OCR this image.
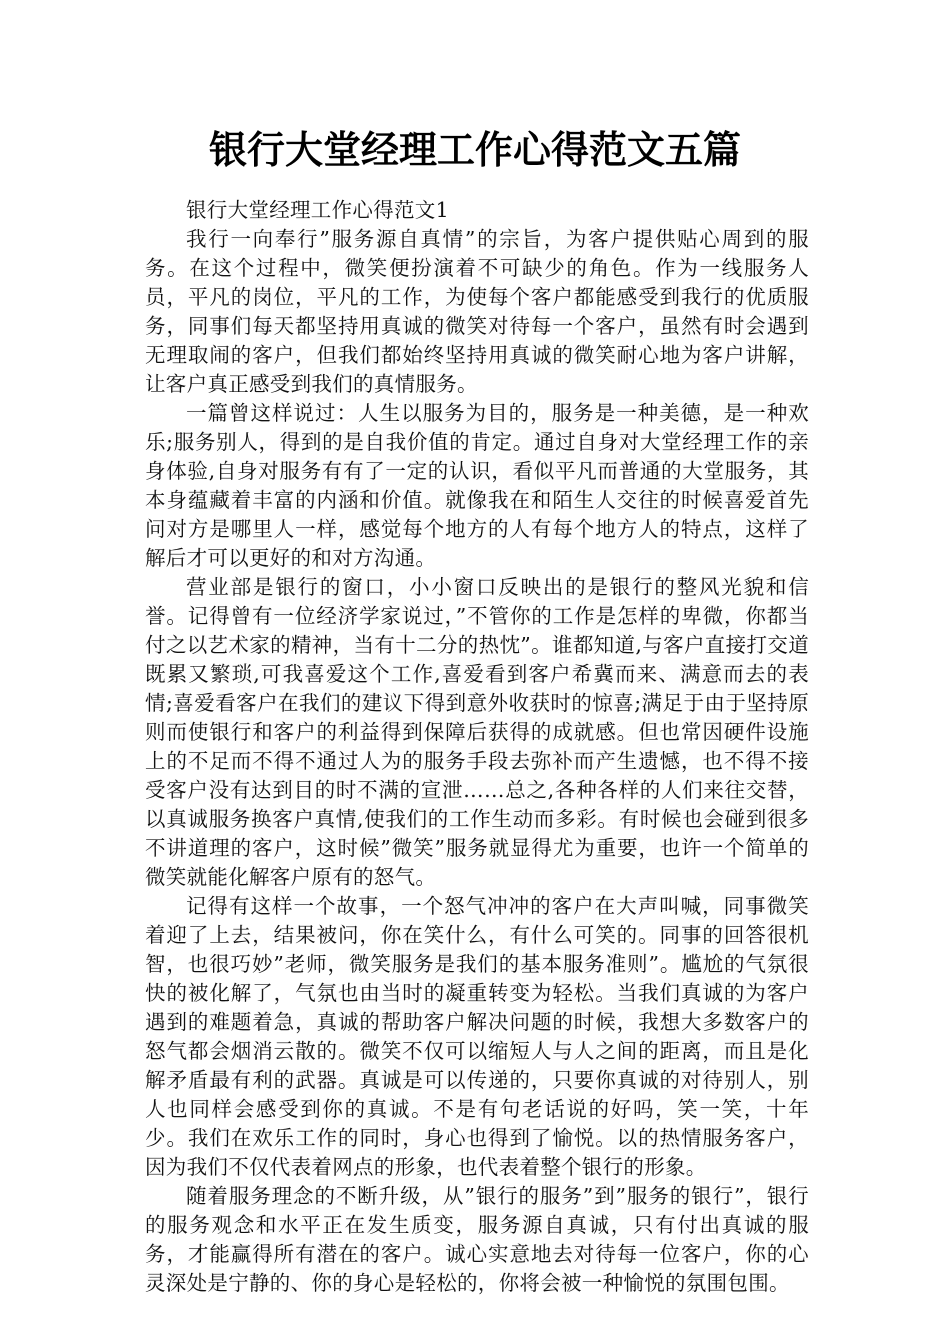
银行大堂经理工作心得范文五篇

银行大堂经理工作心得范文1

我行一向奉行”服务源自真情”的宗旨，为客户提供贴心周到的服务。在这个过程中，微笑便扮演着不可缺少的角色。作为一线服务人员，平凡的岗位，平凡的工作，为使每个客户都能感受到我行的优质服务，同事们每天都坚持用真诚的微笑对待每一个客户，虽然有时会遇到无理取闹的客户，但我们都始终坚持用真诚的微笑耐心地为客户讲解，让客户真正感受到我们的真情服务。

一篇曾这样说过：人生以服务为目的，服务是一种美德，是一种欢乐;服务别人，得到的是自我价值的肯定。通过自身对大堂经理工作的亲身体验,自身对服务有有了一定的认识，看似平凡而普通的大堂服务，其本身蕴藏着丰富的内涵和价值。就像我在和陌生人交往的时候喜爱首先问对方是哪里人一样，感觉每个地方的人有每个地方人的特点，这样了解后才可以更好的和对方沟通。

营业部是银行的窗口，小小窗口反映出的是银行的整风光貌和信誉。记得曾有一位经济学家说过，”不管你的工作是怎样的卑微，你都当付之以艺术家的精神，当有十二分的热忱”。谁都知道,与客户直接打交道既累又繁琐,可我喜爱这个工作,喜爱看到客户希冀而来、满意而去的表情;喜爱看客户在我们的建议下得到意外收获时的惊喜;满足于由于坚持原则而使银行和客户的利益得到保障后获得的成就感。但也常因硬件设施上的不足而不得不通过人为的服务手段去弥补而产生遗憾，也不得不接受客户没有达到目的时不满的宣泄……总之,各种各样的人们来往交替，以真诚服务换客户真情,使我们的工作生动而多彩。有时候也会碰到很多不讲道理的客户，这时候”微笑”服务就显得尤为重要，也许一个简单的微笑就能化解客户原有的怒气。

记得有这样一个故事，一个怒气冲冲的客户在大声叫喊，同事微笑着迎了上去，结果被问，你在笑什么，有什么可笑的。同事的回答很机智，也很巧妙”老师，微笑服务是我们的基本服务准则”。尴尬的气氛很快的被化解了，气氛也由当时的凝重转变为轻松。当我们真诚的为客户遇到的难题着急，真诚的帮助客户解决问题的时候，我想大多数客户的怒气都会烟消云散的。微笑不仅可以缩短人与人之间的距离，而且是化解矛盾最有利的武器。真诚是可以传递的，只要你真诚的对待别人，别人也同样会感受到你的真诚。不是有句老话说的好吗，笑一笑，十年少。我们在欢乐工作的同时，身心也得到了愉悦。以的热情服务客户，因为我们不仅代表着网点的形象，也代表着整个银行的形象。

随着服务理念的不断升级，从”银行的服务”到”服务的银行”，银行的服务观念和水平正在发生质变，服务源自真诚，只有付出真诚的服务，才能赢得所有潜在的客户。诚心实意地去对待每一位客户，你的心灵深处是宁静的、你的身心是轻松的，你将会被一种愉悦的氛围包围。
